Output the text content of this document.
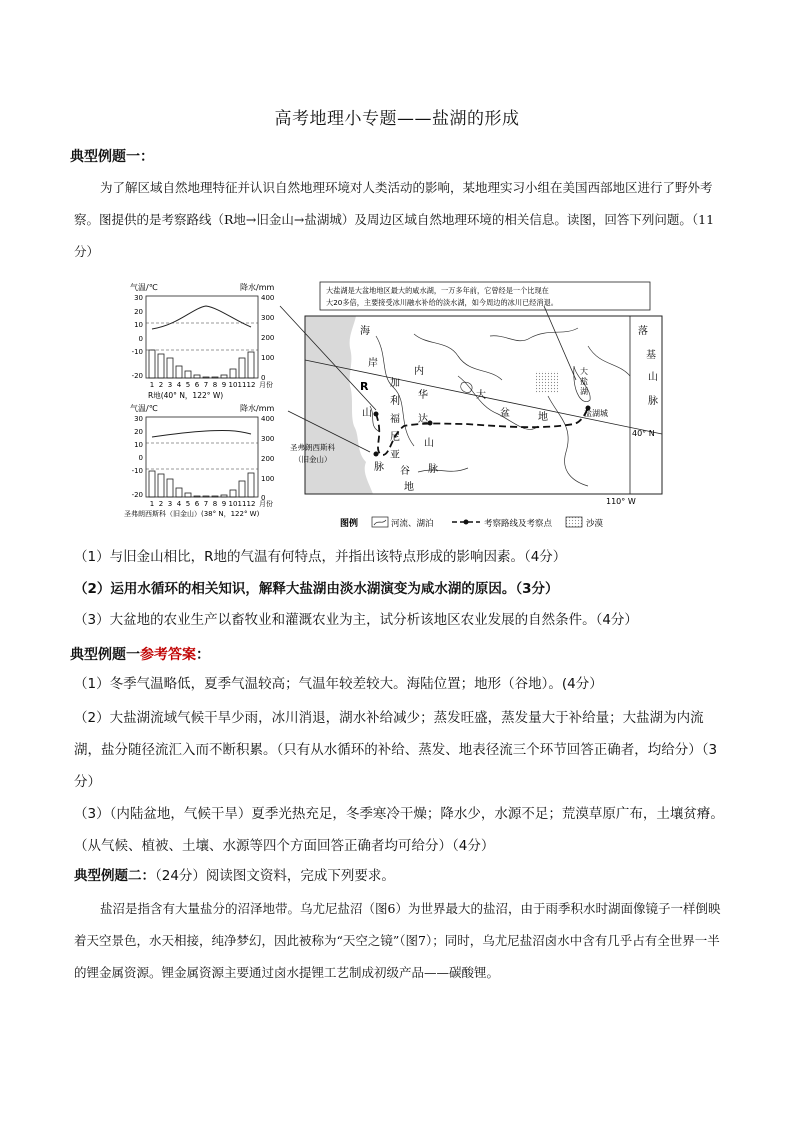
高考地理小专题——盐湖的形成
典型例题一：
为了解区域自然地理特征并认识自然地理环境对人类活动的影响，某地理实习小组在美国西部地区进行了野外考察。图提供的是考察路线（R地→旧金山→盐湖城）及周边区域自然地理环境的相关信息。读图，回答下列问题。（11分）
气温/℃	降水/mm
30
20
10
0
-10
-20
400
300
200
100
0
1 2 3 4 5 6 7 8 9 10 11 12 月份
R地(40° N，122° W)
气温/℃	降水/mm
30
20
10
0
-10
-20
400
300
200
100
0
1 2 3 4 5 6 7 8 9 10 11 12 月份
圣弗朗西斯科（旧金山）(38° N，122° W)
大盐湖是大盆地地区最大的咸水湖，一万多年前，它曾经是一个比现在
大20多倍，主要接受冰川融水补给的淡水湖，如今周边的冰川已经消退。
海
岸
R
山
脉
加
利
福
尼
亚
谷
地
内
华
达
山
脉
大
盆	地
大
盐
湖
盐湖城
圣弗朗西斯科
（旧金山）
落
基
山
脉
40° N
110° W
图例	河流、湖泊	考察路线及考察点	沙漠
（1）与旧金山相比，R地的气温有何特点，并指出该特点形成的影响因素。（4分）
（2）运用水循环的相关知识，解释大盐湖由淡水湖演变为咸水湖的原因。（3分）
（3）大盆地的农业生产以畜牧业和灌溉农业为主，试分析该地区农业发展的自然条件。（4分）
典型例题一参考答案：
（1）冬季气温略低，夏季气温较高；气温年较差较大。海陆位置；地形（谷地）。(4分）
（2）大盐湖流域气候干旱少雨，冰川消退，湖水补给减少；蒸发旺盛，蒸发量大于补给量；大盐湖为内流湖，盐分随径流汇入而不断积累。（只有从水循环的补给、蒸发、地表径流三个环节回答正确者，均给分）（3分）
（3）（内陆盆地，气候干旱）夏季光热充足，冬季寒冷干燥；降水少，水源不足；荒漠草原广布，土壤贫瘠。（从气候、植被、土壤、水源等四个方面回答正确者均可给分）（4分）
典型例题二：（24分）阅读图文资料，完成下列要求。
盐沼是指含有大量盐分的沼泽地带。乌尤尼盐沼（图6）为世界最大的盐沼，由于雨季积水时湖面像镜子一样倒映着天空景色，水天相接，纯净梦幻，因此被称为“天空之镜”（图7）；同时，乌尤尼盐沼卤水中含有几乎占有全世界一半的锂金属资源。锂金属资源主要通过卤水提锂工艺制成初级产品——碳酸锂。
